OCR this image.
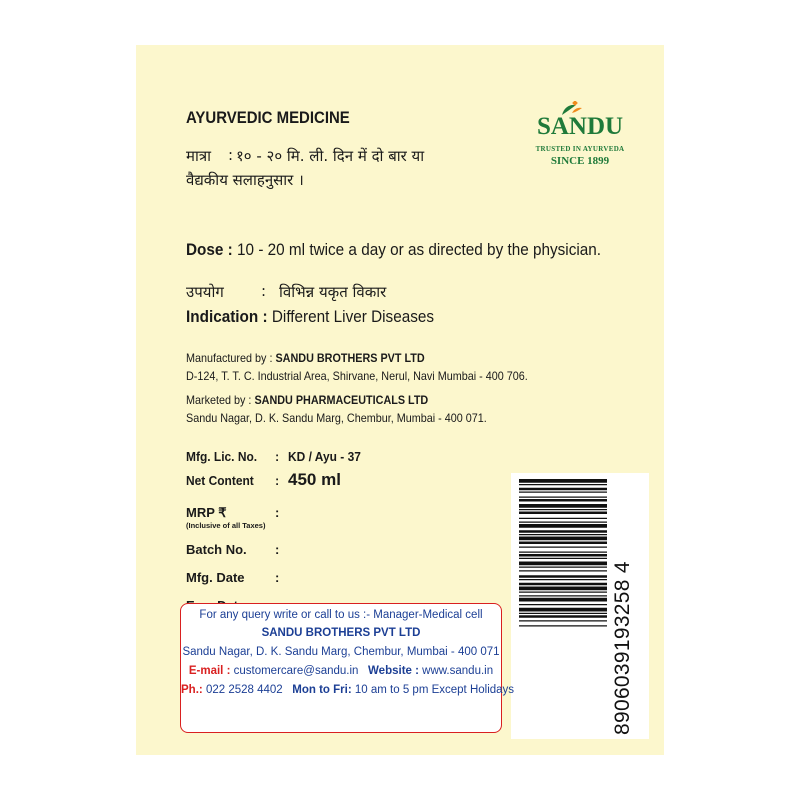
AYURVEDIC MEDICINE	SANDU
TRUSTED IN AYURVEDA
SINCE 1899
मात्रा : १० - २० मि. ली. दिन में दो बार या
वैद्यकीय सलाहनुसार ।
Dose : 10 - 20 ml twice a day or as directed by the physician.
उपयोग : विभिन्न यकृत विकार
Indication : Different Liver Diseases
Manufactured by : SANDU BROTHERS PVT LTD
D-124, T. T. C. Industrial Area, Shirvane, Nerul, Navi Mumbai - 400 706.
Marketed by : SANDU PHARMACEUTICALS LTD
Sandu Nagar, D. K. Sandu Marg, Chembur, Mumbai - 400 071.
Mfg. Lic. No. : KD / Ayu - 37
Net Content : 450 ml
MRP ₹
(Inclusive of all Taxes)
:
Batch No. :
Mfg. Date :	8906039193258 4
For any query write or call to us :- Manager-Medical cell
SANDU BROTHERS PVT LTD
Sandu Nagar, D. K. Sandu Marg, Chembur, Mumbai - 400 071
E-mail : customercare@sandu.in Website : www.sandu.in
Ph.: 022 2528 4402 Mon to Fri: 10 am to 5 pm Except Holidays
